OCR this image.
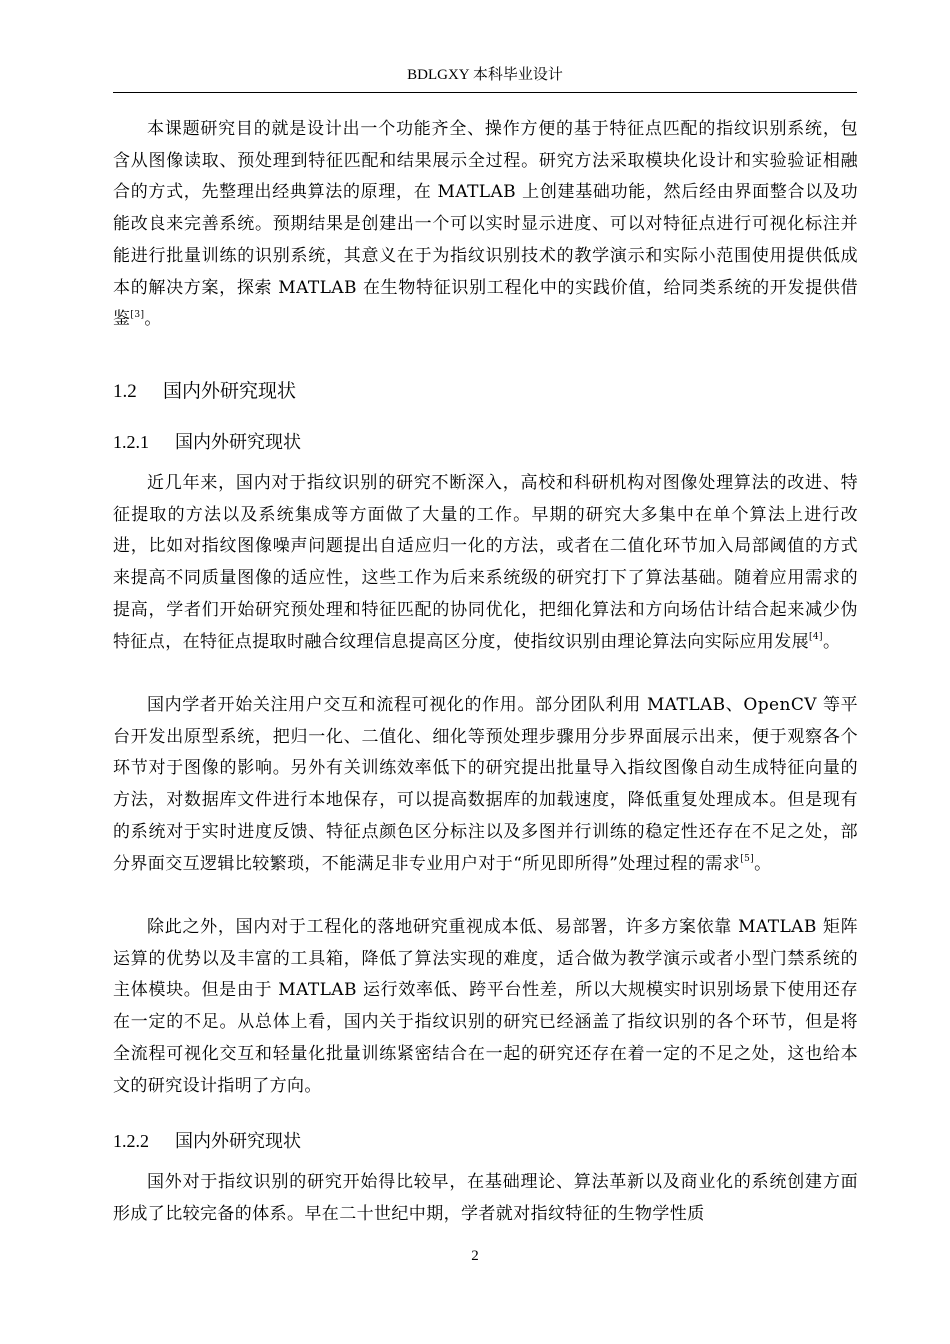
BDLGXY 本科毕业设计

本课题研究目的就是设计出一个功能齐全、操作方便的基于特征点匹配的指纹识别系统，包含从图像读取、预处理到特征匹配和结果展示全过程。研究方法采取模块化设计和实验验证相融合的方式，先整理出经典算法的原理，在 MATLAB 上创建基础功能，然后经由界面整合以及功能改良来完善系统。预期结果是创建出一个可以实时显示进度、可以对特征点进行可视化标注并能进行批量训练的识别系统，其意义在于为指纹识别技术的教学演示和实际小范围使用提供低成本的解决方案，探索 MATLAB 在生物特征识别工程化中的实践价值，给同类系统的开发提供借鉴[3]。

1.2 国内外研究现状
1.2.1 国内外研究现状

近几年来，国内对于指纹识别的研究不断深入，高校和科研机构对图像处理算法的改进、特征提取的方法以及系统集成等方面做了大量的工作。早期的研究大多集中在单个算法上进行改进，比如对指纹图像噪声问题提出自适应归一化的方法，或者在二值化环节加入局部阈值的方式来提高不同质量图像的适应性，这些工作为后来系统级的研究打下了算法基础。随着应用需求的提高，学者们开始研究预处理和特征匹配的协同优化，把细化算法和方向场估计结合起来减少伪特征点，在特征点提取时融合纹理信息提高区分度，使指纹识别由理论算法向实际应用发展[4]。

国内学者开始关注用户交互和流程可视化的作用。部分团队利用 MATLAB、OpenCV 等平台开发出原型系统，把归一化、二值化、细化等预处理步骤用分步界面展示出来，便于观察各个环节对于图像的影响。另外有关训练效率低下的研究提出批量导入指纹图像自动生成特征向量的方法，对数据库文件进行本地保存，可以提高数据库的加载速度，降低重复处理成本。但是现有的系统对于实时进度反馈、特征点颜色区分标注以及多图并行训练的稳定性还存在不足之处，部分界面交互逻辑比较繁琐，不能满足非专业用户对于“所见即所得”处理过程的需求[5]。

除此之外，国内对于工程化的落地研究重视成本低、易部署，许多方案依靠 MATLAB 矩阵运算的优势以及丰富的工具箱，降低了算法实现的难度，适合做为教学演示或者小型门禁系统的主体模块。但是由于 MATLAB 运行效率低、跨平台性差，所以大规模实时识别场景下使用还存在一定的不足。从总体上看，国内关于指纹识别的研究已经涵盖了指纹识别的各个环节，但是将全流程可视化交互和轻量化批量训练紧密结合在一起的研究还存在着一定的不足之处，这也给本文的研究设计指明了方向。

1.2.2 国内外研究现状

国外对于指纹识别的研究开始得比较早，在基础理论、算法革新以及商业化的系统创建方面形成了比较完备的体系。早在二十世纪中期，学者就对指纹特征的生物学性质

2
